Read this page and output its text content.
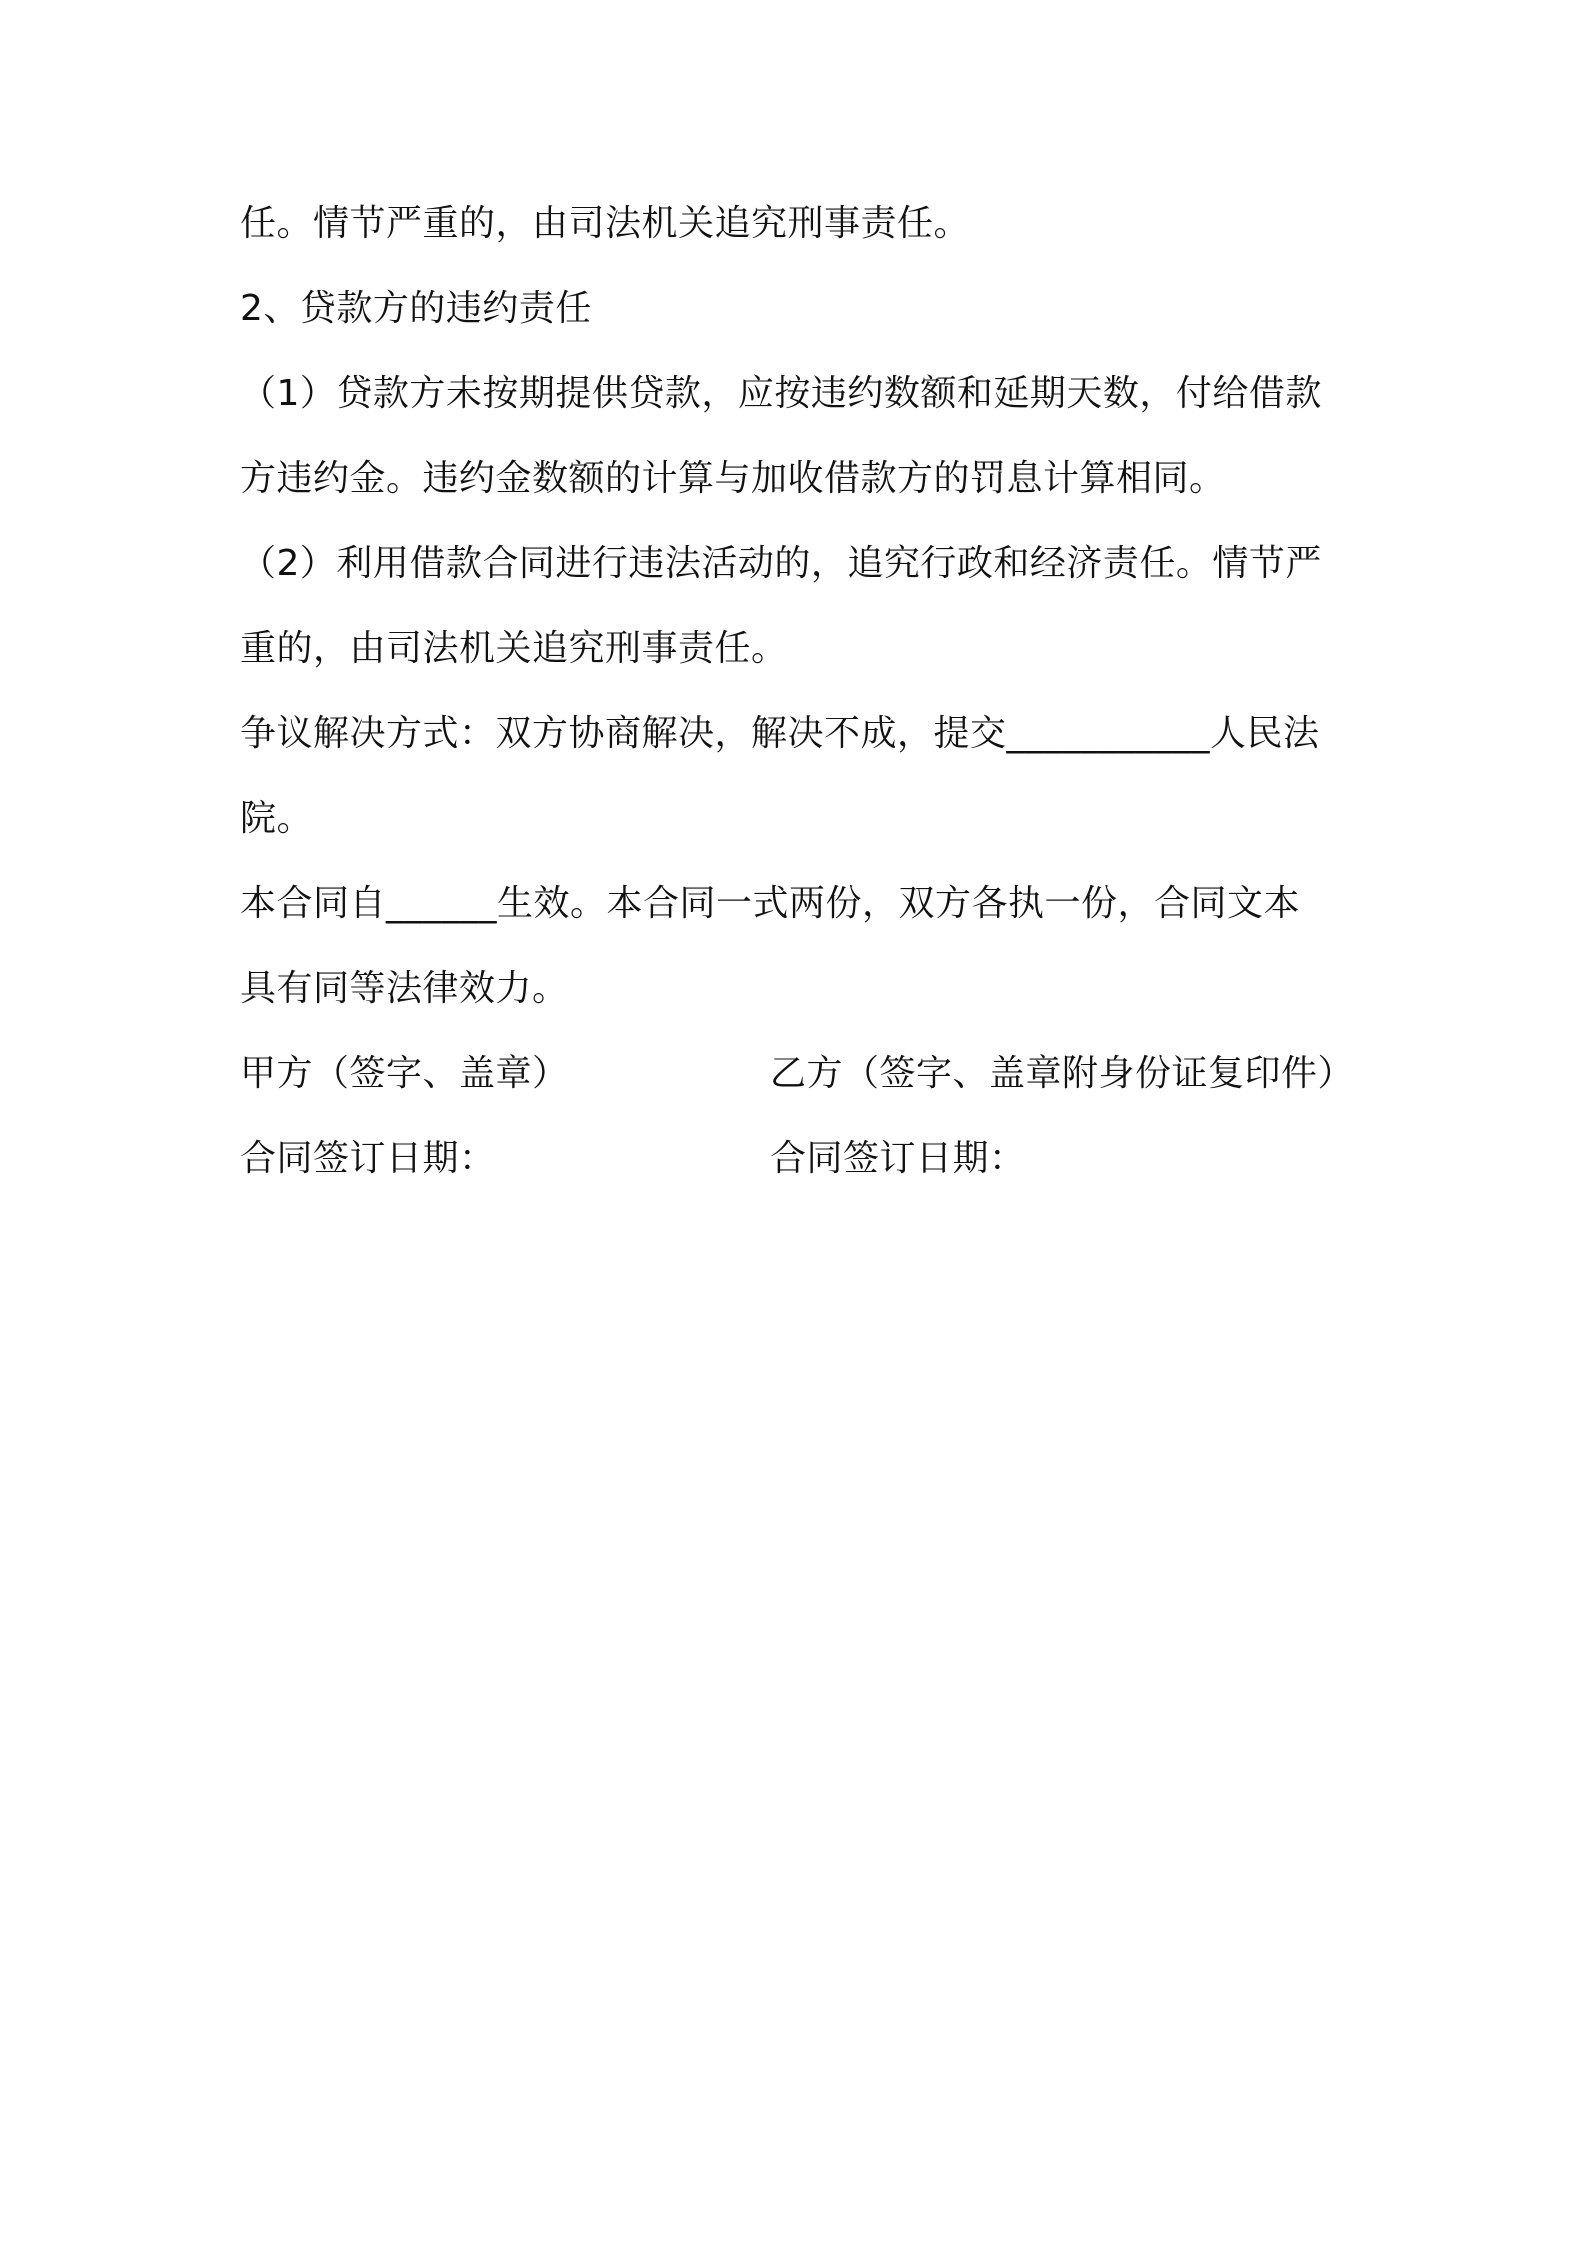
任。情节严重的，由司法机关追究刑事责任。
2、贷款方的违约责任
（1）贷款方未按期提供贷款，应按违约数额和延期天数，付给借款
方违约金。违约金数额的计算与加收借款方的罚息计算相同。
（2）利用借款合同进行违法活动的，追究行政和经济责任。情节严
重的，由司法机关追究刑事责任。
争议解决方式：双方协商解决，解决不成，提交___________人民法
院。
本合同自______生效。本合同一式两份，双方各执一份，合同文本
具有同等法律效力。
甲方（签字、盖章）	乙方（签字、盖章附身份证复印件）
合同签订日期：	合同签订日期：
